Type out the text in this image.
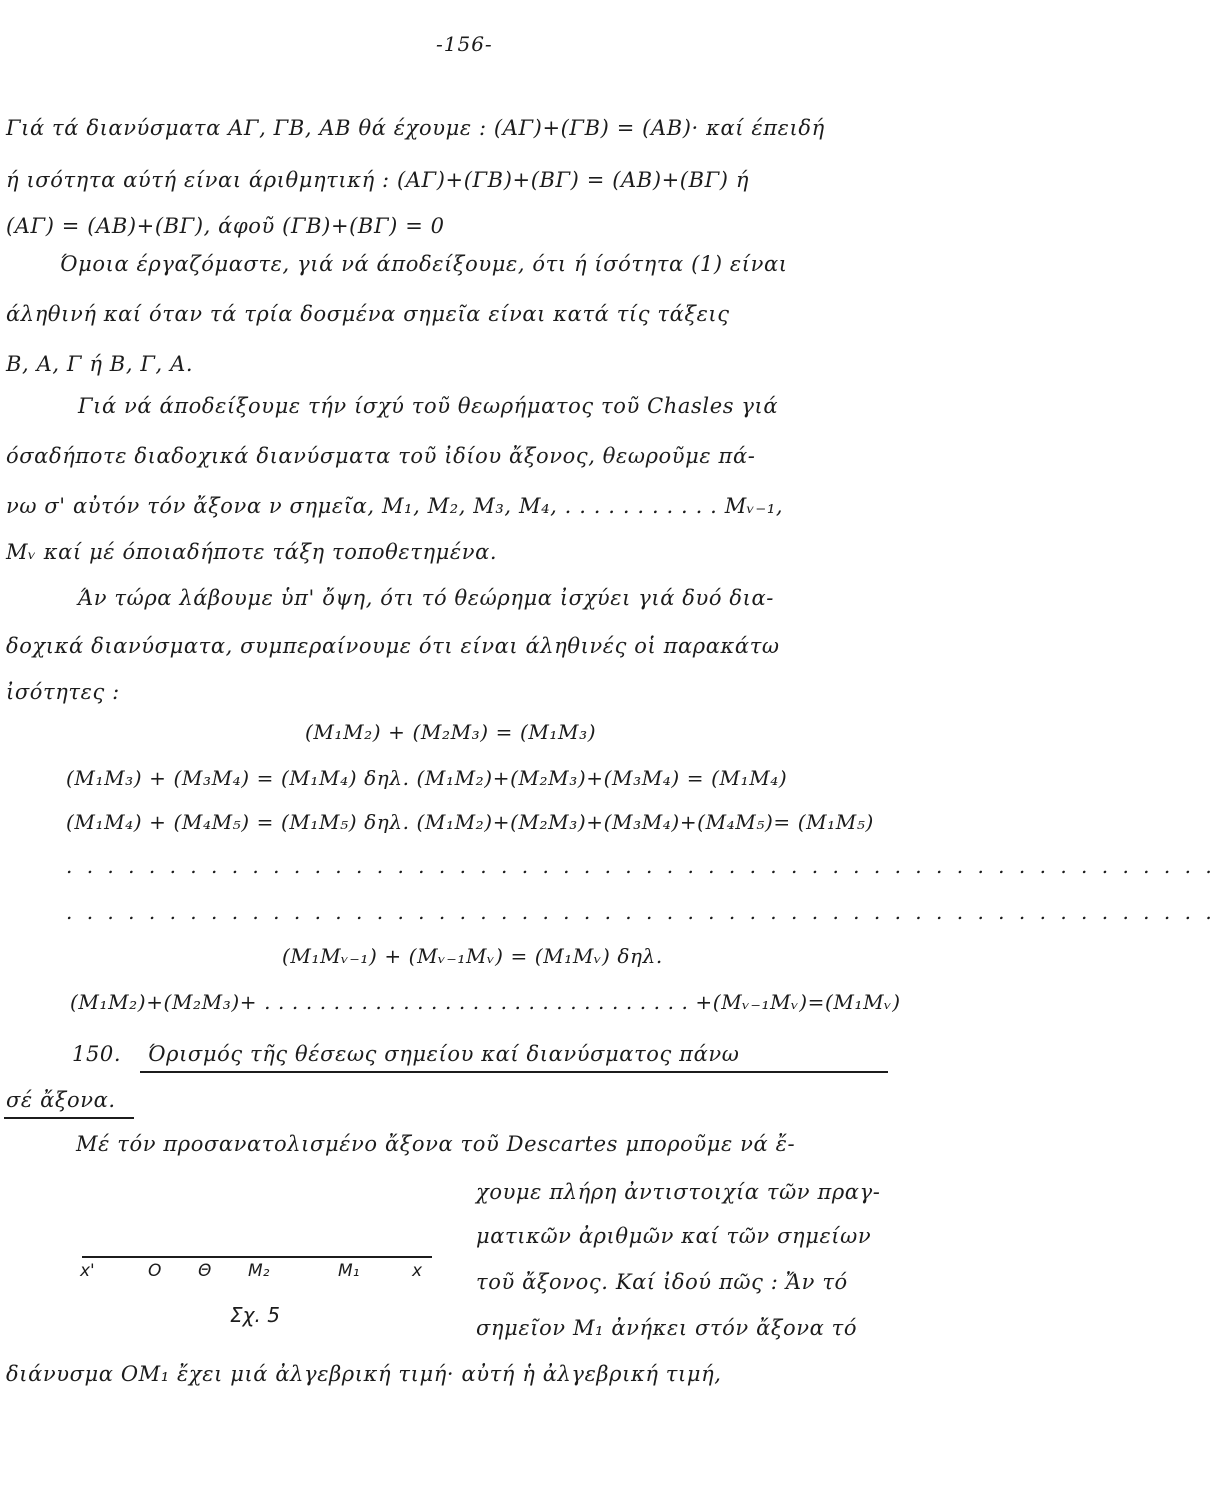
-156-
Γιά τά διανύσματα ΑΓ, ΓΒ, ΑΒ θά έχουμε : (ΑΓ)+(ΓΒ) = (ΑΒ)· καί έπειδή
ή ισότητα αύτή είναι άριθμητική : (ΑΓ)+(ΓΒ)+(ΒΓ) = (ΑΒ)+(ΒΓ) ή
(ΑΓ) = (ΑΒ)+(ΒΓ), άφοῦ (ΓΒ)+(ΒΓ) = 0
Όμοια έργαζόμαστε, γιά νά άποδείξουμε, ότι ή ίσότητα (1) είναι
άληθινή καί όταν τά τρία δοσμένα σημεῖα είναι κατά τίς τάξεις
Β, Α, Γ ή Β, Γ, Α.
Γιά νά άποδείξουμε τήν ίσχύ τοῦ θεωρήματος τοῦ Chasles γιά
όσαδήποτε διαδοχικά διανύσματα τοῦ ἰδίου ἄξονος, θεωροῦμε πά-
νω σ' αὐτόν τόν ἄξονα ν σημεῖα, Μ₁, Μ₂, Μ₃, Μ₄, . . . . . . . . . . . Μᵥ₋₁,
Μᵥ καί μέ όποιαδήποτε τάξη τοποθετημένα.
Άν τώρα λάβουμε ὑπ' ὄψη, ότι τό θεώρημα ἰσχύει γιά δυό δια-
δοχικά διανύσματα, συμπεραίνουμε ότι είναι άληθινές οἱ παρακάτω
ἰσότητες :
(Μ₁Μ₂) + (Μ₂Μ₃) = (Μ₁Μ₃)
(Μ₁Μ₃) + (Μ₃Μ₄) = (Μ₁Μ₄) δηλ. (Μ₁Μ₂)+(Μ₂Μ₃)+(Μ₃Μ₄) = (Μ₁Μ₄)
(Μ₁Μ₄) + (Μ₄Μ₅) = (Μ₁Μ₅) δηλ. (Μ₁Μ₂)+(Μ₂Μ₃)+(Μ₃Μ₄)+(Μ₄Μ₅)= (Μ₁Μ₅)
. . . . . . . . . . . . . . . . . . . . . . . . . . . . . . . . . . . . . . . . . . . . . . . . . . . . . . . .
. . . . . . . . . . . . . . . . . . . . . . . . . . . . . . . . . . . . . . . . . . . . . . . . . . . . . . . .
(Μ₁Μᵥ₋₁) + (Μᵥ₋₁Μᵥ) = (Μ₁Μᵥ) δηλ.
(Μ₁Μ₂)+(Μ₂Μ₃)+ . . . . . . . . . . . . . . . . . . . . . . . . . . . . . . . +(Μᵥ₋₁Μᵥ)=(Μ₁Μᵥ)
150. Όρισμός τῆς θέσεως σημείου καί διανύσματος πάνω
σέ ἄξονα.
Μέ τόν προσανατολισμένο ἄξονα τοῦ Descartes μποροῦμε νά ἔ-
χουμε πλήρη ἀντιστοιχία τῶν πραγ-
ματικῶν ἀριθμῶν καί τῶν σημείων
τοῦ ἄξονος. Καί ἰδού πῶς : Ἄν τό
σημεῖον Μ₁ ἀνήκει στόν ἄξονα τό
διάνυσμα ΟΜ₁ ἔχει μιά ἀλγεβρική τιμή· αὐτή ἡ ἀλγεβρική τιμή,
x'	O Θ M₂	M₁	x
Σχ. 5
